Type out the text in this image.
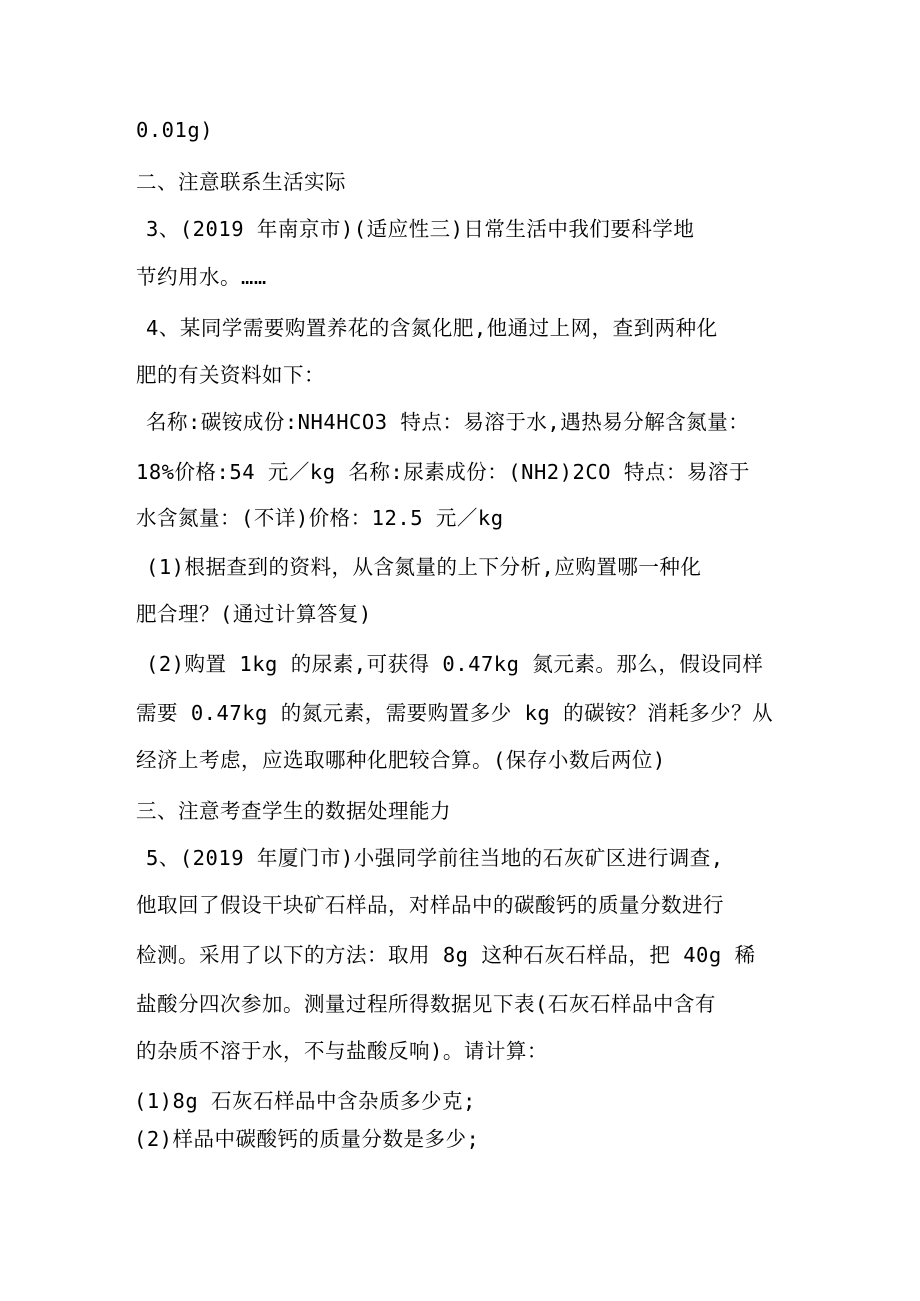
0.01g)
二、注意联系生活实际
3、(2019 年南京市)(适应性三)日常生活中我们要科学地
节约用水。……
4、某同学需要购置养花的含氮化肥,他通过上网，查到两种化
肥的有关资料如下：
名称:碳铵成份:NH4HCO3 特点：易溶于水,遇热易分解含氮量：
18%价格:54 元／kg 名称:尿素成份：(NH2)2CO 特点：易溶于
水含氮量：(不详)价格：12.5 元／kg
(1)根据查到的资料，从含氮量的上下分析,应购置哪一种化
肥合理？(通过计算答复)
(2)购置 1kg 的尿素,可获得 0.47kg 氮元素。那么，假设同样
需要 0.47kg 的氮元素，需要购置多少 kg 的碳铵？消耗多少？从
经济上考虑，应选取哪种化肥较合算。(保存小数后两位)
三、注意考查学生的数据处理能力
5、(2019 年厦门市)小强同学前往当地的石灰矿区进行调查,
他取回了假设干块矿石样品，对样品中的碳酸钙的质量分数进行
检测。采用了以下的方法：取用 8g 这种石灰石样品，把 40g 稀
盐酸分四次参加。测量过程所得数据见下表(石灰石样品中含有
的杂质不溶于水，不与盐酸反响)。请计算：
(1)8g 石灰石样品中含杂质多少克;
(2)样品中碳酸钙的质量分数是多少;
